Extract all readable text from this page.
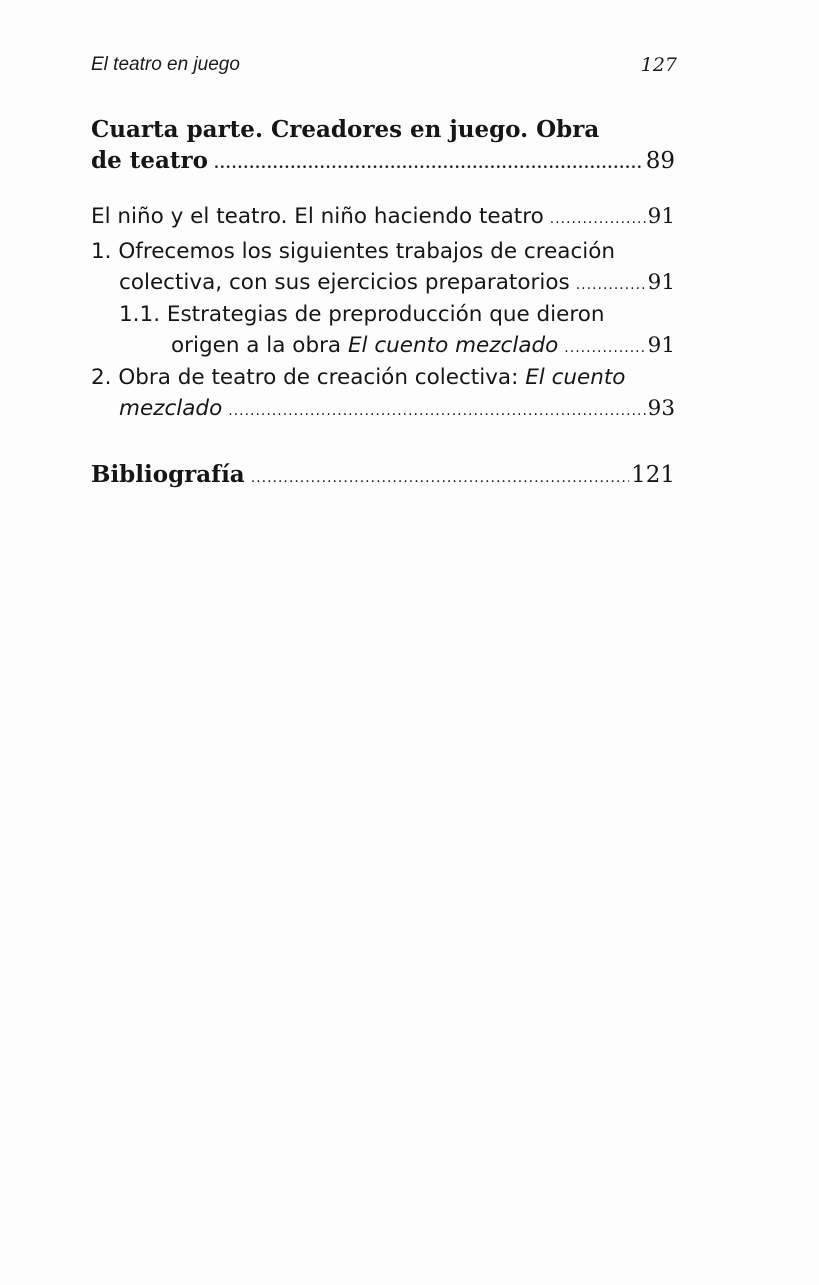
El teatro en juego	127
Cuarta parte. Creadores en juego. Obra
de teatro .....	89
El niño y el teatro. El niño haciendo teatro .....	91
1. Ofrecemos los siguientes trabajos de creación
colectiva, con sus ejercicios preparatorios .....	91
1.1. Estrategias de preproducción que dieron
origen a la obra El cuento mezclado .....	91
2. Obra de teatro de creación colectiva: El cuento
mezclado .....	93
Bibliografía .....	121
